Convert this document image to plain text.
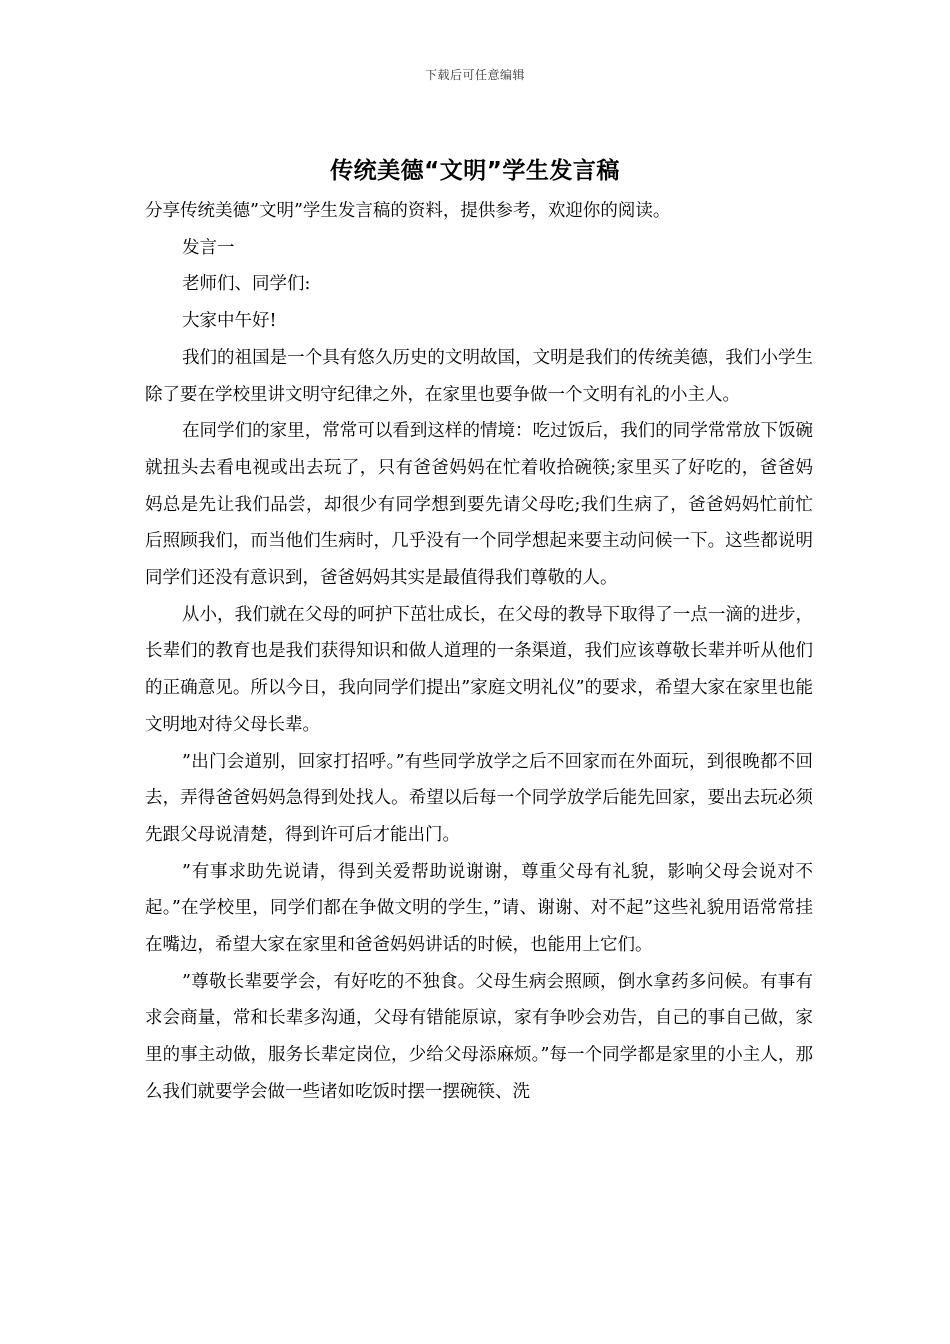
下载后可任意编辑
传统美德“文明”学生发言稿

分享传统美德”文明”学生发言稿的资料，提供参考，欢迎你的阅读。

发言一

老师们、同学们:

大家中午好!

我们的祖国是一个具有悠久历史的文明故国，文明是我们的传统美德，我们小学生除了要在学校里讲文明守纪律之外，在家里也要争做一个文明有礼的小主人。

在同学们的家里，常常可以看到这样的情境：吃过饭后，我们的同学常常放下饭碗就扭头去看电视或出去玩了，只有爸爸妈妈在忙着收拾碗筷;家里买了好吃的，爸爸妈妈总是先让我们品尝，却很少有同学想到要先请父母吃;我们生病了，爸爸妈妈忙前忙后照顾我们，而当他们生病时，几乎没有一个同学想起来要主动问候一下。这些都说明同学们还没有意识到，爸爸妈妈其实是最值得我们尊敬的人。

从小，我们就在父母的呵护下茁壮成长，在父母的教导下取得了一点一滴的进步，长辈们的教育也是我们获得知识和做人道理的一条渠道，我们应该尊敬长辈并听从他们的正确意见。所以今日，我向同学们提出”家庭文明礼仪”的要求，希望大家在家里也能文明地对待父母长辈。

”出门会道别，回家打招呼。”有些同学放学之后不回家而在外面玩，到很晚都不回去，弄得爸爸妈妈急得到处找人。希望以后每一个同学放学后能先回家，要出去玩必须先跟父母说清楚，得到许可后才能出门。

”有事求助先说请，得到关爱帮助说谢谢，尊重父母有礼貌，影响父母会说对不起。”在学校里，同学们都在争做文明的学生，”请、谢谢、对不起”这些礼貌用语常常挂在嘴边，希望大家在家里和爸爸妈妈讲话的时候，也能用上它们。

”尊敬长辈要学会，有好吃的不独食。父母生病会照顾，倒水拿药多问候。有事有求会商量，常和长辈多沟通，父母有错能原谅，家有争吵会劝告，自己的事自己做，家里的事主动做，服务长辈定岗位，少给父母添麻烦。”每一个同学都是家里的小主人，那么我们就要学会做一些诸如吃饭时摆一摆碗筷、洗
